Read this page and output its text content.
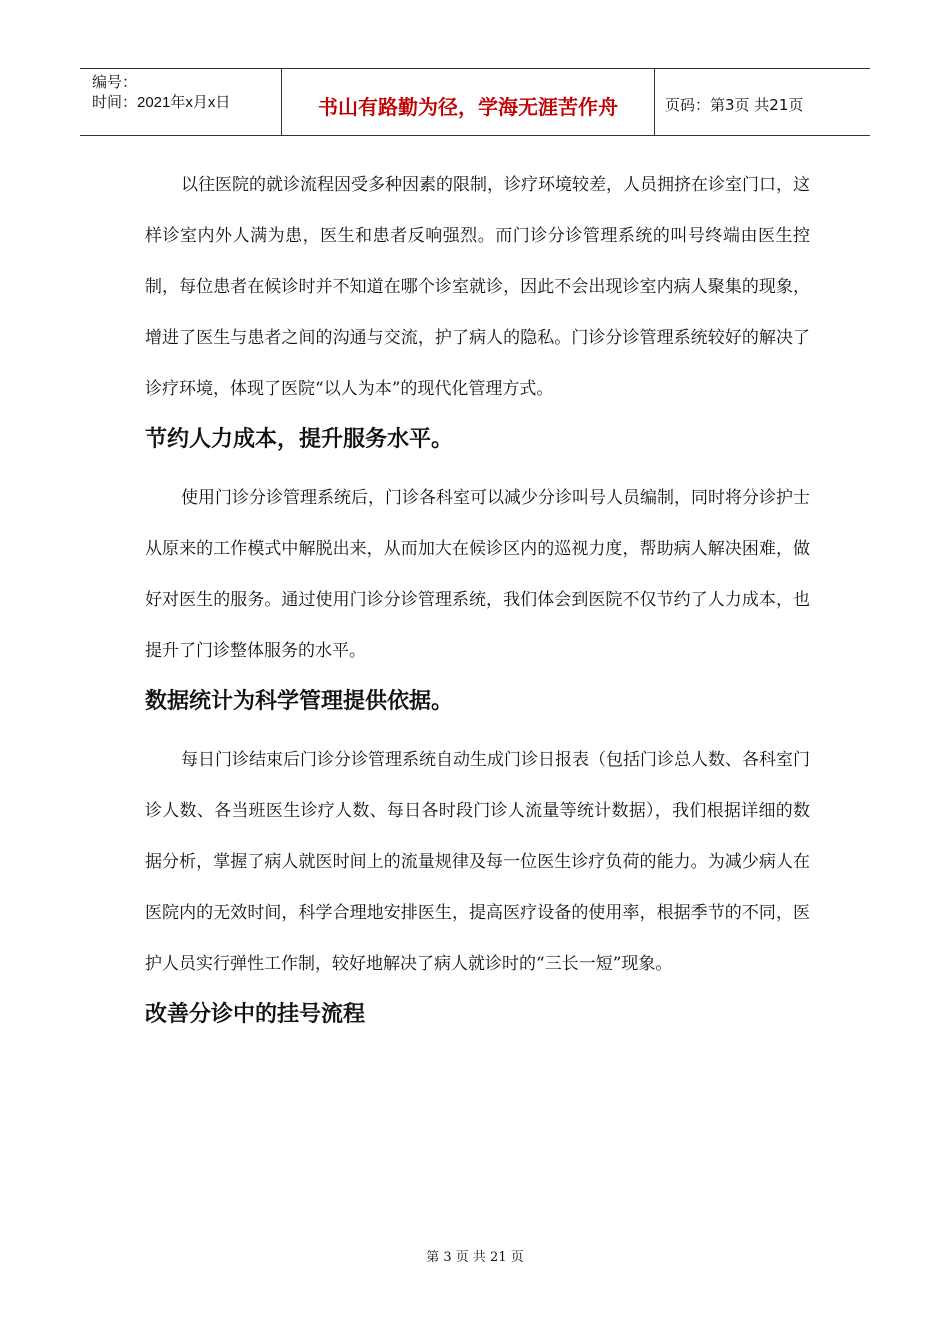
编号：
时间：2021年x月x日	书山有路勤为径，学海无涯苦作舟	页码：第3页 共21页

以往医院的就诊流程因受多种因素的限制，诊疗环境较差，人员拥挤在诊室门口，这样诊室内外人满为患，医生和患者反响强烈。而门诊分诊管理系统的叫号终端由医生控制，每位患者在候诊时并不知道在哪个诊室就诊，因此不会出现诊室内病人聚集的现象，增进了医生与患者之间的沟通与交流，护了病人的隐私。门诊分诊管理系统较好的解决了诊疗环境，体现了医院“以人为本”的现代化管理方式。

节约人力成本，提升服务水平。

使用门诊分诊管理系统后，门诊各科室可以减少分诊叫号人员编制，同时将分诊护士从原来的工作模式中解脱出来，从而加大在候诊区内的巡视力度，帮助病人解决困难，做好对医生的服务。通过使用门诊分诊管理系统，我们体会到医院不仅节约了人力成本，也提升了门诊整体服务的水平。

数据统计为科学管理提供依据。

每日门诊结束后门诊分诊管理系统自动生成门诊日报表（包括门诊总人数、各科室门诊人数、各当班医生诊疗人数、每日各时段门诊人流量等统计数据），我们根据详细的数据分析，掌握了病人就医时间上的流量规律及每一位医生诊疗负荷的能力。为减少病人在医院内的无效时间，科学合理地安排医生，提高医疗设备的使用率，根据季节的不同，医护人员实行弹性工作制，较好地解决了病人就诊时的“三长一短”现象。

改善分诊中的挂号流程
第 3 页 共 21 页
